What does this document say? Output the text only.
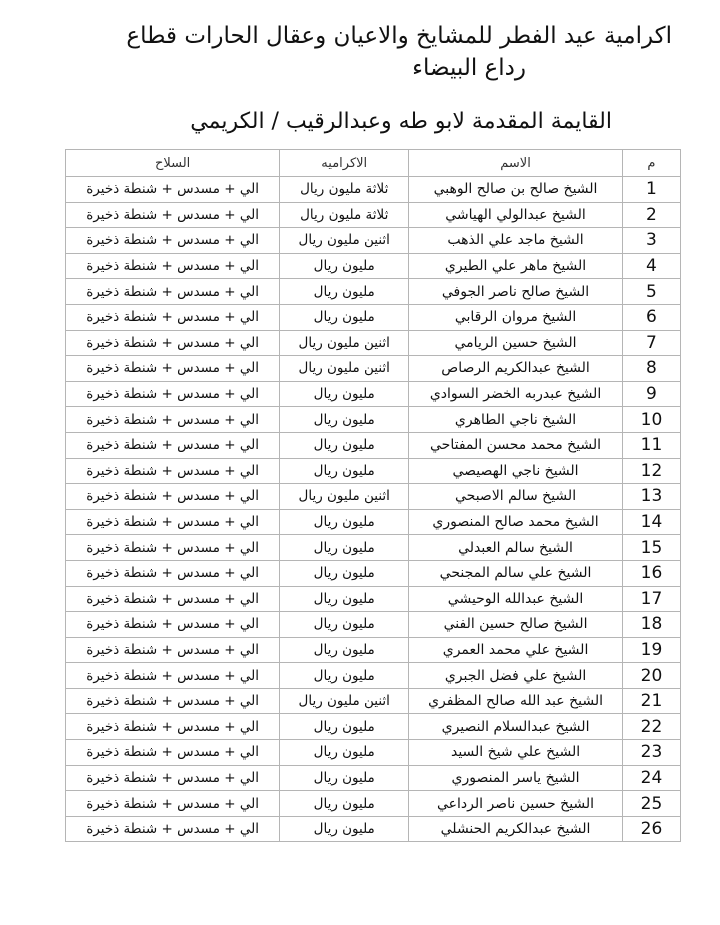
اكرامية عيد الفطر للمشايخ والاعيان وعقال الحارات قطاع
رداع البيضاء
القايمة المقدمة لابو طه وعبدالرقيب / الكريمي
م	الاسم	الاكراميه	السلاح
1	الشيخ صالح بن صالح الوهبي	ثلاثة مليون ريال	الي + مسدس + شنطة ذخيرة
2	الشيخ عبدالولي الهياشي	ثلاثة مليون ريال	الي + مسدس + شنطة ذخيرة
3	الشيخ ماجد علي الذهب	اثنين مليون ريال	الي + مسدس + شنطة ذخيرة
4	الشيخ ماهر علي الطيري	مليون ريال	الي + مسدس + شنطة ذخيرة
5	الشيخ صالح ناصر الجوفي	مليون ريال	الي + مسدس + شنطة ذخيرة
6	الشيخ مروان الرقابي	مليون ريال	الي + مسدس + شنطة ذخيرة
7	الشيخ حسين الريامي	اثنين مليون ريال	الي + مسدس + شنطة ذخيرة
8	الشيخ عبدالكريم الرصاص	اثنين مليون ريال	الي + مسدس + شنطة ذخيرة
9	الشيخ عبدربه الخضر السوادي	مليون ريال	الي + مسدس + شنطة ذخيرة
10	الشيخ ناجي الطاهري	مليون ريال	الي + مسدس + شنطة ذخيرة
11	الشيخ محمد محسن المفتاحي	مليون ريال	الي + مسدس + شنطة ذخيرة
12	الشيخ ناجي الهصيصي	مليون ريال	الي + مسدس + شنطة ذخيرة
13	الشيخ سالم الاصبحي	اثنين مليون ريال	الي + مسدس + شنطة ذخيرة
14	الشيخ محمد صالح المنصوري	مليون ريال	الي + مسدس + شنطة ذخيرة
15	الشيخ سالم العبدلي	مليون ريال	الي + مسدس + شنطة ذخيرة
16	الشيخ علي سالم المجنحي	مليون ريال	الي + مسدس + شنطة ذخيرة
17	الشيخ عبدالله الوحيشي	مليون ريال	الي + مسدس + شنطة ذخيرة
18	الشيخ صالح حسين الفني	مليون ريال	الي + مسدس + شنطة ذخيرة
19	الشيخ علي محمد العمري	مليون ريال	الي + مسدس + شنطة ذخيرة
20	الشيخ علي فضل الجبري	مليون ريال	الي + مسدس + شنطة ذخيرة
21	الشيخ عبد الله صالح المظفري	اثنين مليون ريال	الي + مسدس + شنطة ذخيرة
22	الشيخ عبدالسلام النصيري	مليون ريال	الي + مسدس + شنطة ذخيرة
23	الشيخ علي شيخ السيد	مليون ريال	الي + مسدس + شنطة ذخيرة
24	الشيخ ياسر المنصوري	مليون ريال	الي + مسدس + شنطة ذخيرة
25	الشيخ حسين ناصر الرداعي	مليون ريال	الي + مسدس + شنطة ذخيرة
26	الشيخ عبدالكريم الحنشلي	مليون ريال	الي + مسدس + شنطة ذخيرة
